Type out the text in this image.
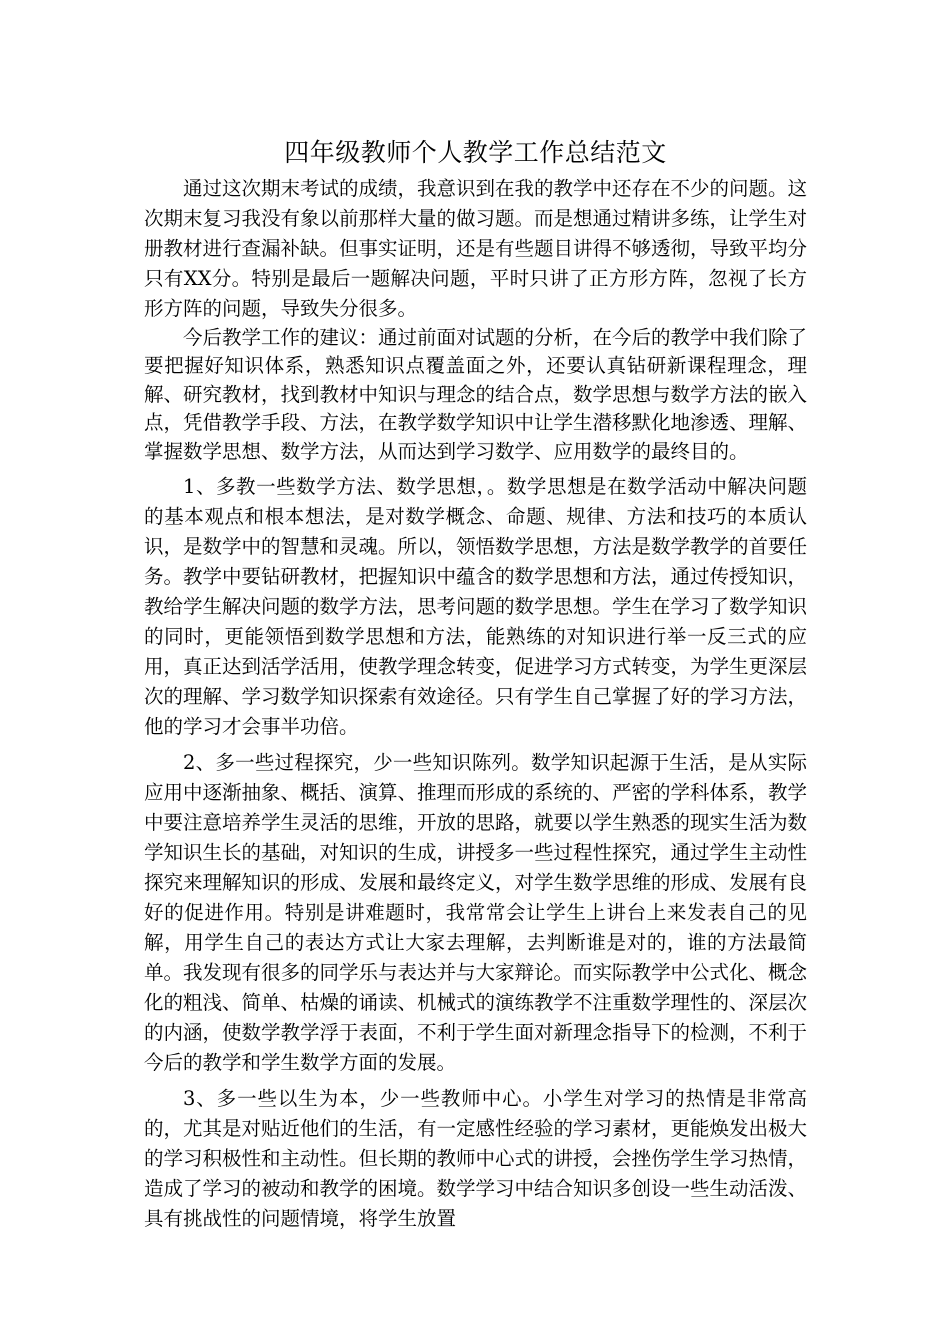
四年级教师个人教学工作总结范文

通过这次期末考试的成绩，我意识到在我的教学中还存在不少的问题。这次期末复习我没有象以前那样大量的做习题。而是想通过精讲多练，让学生对册教材进行查漏补缺。但事实证明，还是有些题目讲得不够透彻，导致平均分只有XX分。特别是最后一题解决问题，平时只讲了正方形方阵，忽视了长方形方阵的问题，导致失分很多。

今后教学工作的建议：通过前面对试题的分析，在今后的教学中我们除了要把握好知识体系，熟悉知识点覆盖面之外，还要认真钻研新课程理念，理解、研究教材，找到教材中知识与理念的结合点，数学思想与数学方法的嵌入点，凭借教学手段、方法，在教学数学知识中让学生潜移默化地渗透、理解、掌握数学思想、数学方法，从而达到学习数学、应用数学的最终目的。

1、多教一些数学方法、数学思想，。数学思想是在数学活动中解决问题的基本观点和根本想法，是对数学概念、命题、规律、方法和技巧的本质认识，是数学中的智慧和灵魂。所以，领悟数学思想，方法是数学教学的首要任务。教学中要钻研教材，把握知识中蕴含的数学思想和方法，通过传授知识，教给学生解决问题的数学方法，思考问题的数学思想。学生在学习了数学知识的同时，更能领悟到数学思想和方法，能熟练的对知识进行举一反三式的应用，真正达到活学活用，使教学理念转变，促进学习方式转变，为学生更深层次的理解、学习数学知识探索有效途径。只有学生自己掌握了好的学习方法，他的学习才会事半功倍。

2、多一些过程探究，少一些知识陈列。数学知识起源于生活，是从实际应用中逐渐抽象、概括、演算、推理而形成的系统的、严密的学科体系，教学中要注意培养学生灵活的思维，开放的思路，就要以学生熟悉的现实生活为数学知识生长的基础，对知识的生成，讲授多一些过程性探究，通过学生主动性探究来理解知识的形成、发展和最终定义，对学生数学思维的形成、发展有良好的促进作用。特别是讲难题时，我常常会让学生上讲台上来发表自己的见解，用学生自己的表达方式让大家去理解，去判断谁是对的，谁的方法最简单。我发现有很多的同学乐与表达并与大家辩论。而实际教学中公式化、概念化的粗浅、简单、枯燥的诵读、机械式的演练教学不注重数学理性的、深层次的内涵，使数学教学浮于表面，不利于学生面对新理念指导下的检测，不利于今后的教学和学生数学方面的发展。

3、多一些以生为本，少一些教师中心。小学生对学习的热情是非常高的，尤其是对贴近他们的生活，有一定感性经验的学习素材，更能焕发出极大的学习积极性和主动性。但长期的教师中心式的讲授，会挫伤学生学习热情，造成了学习的被动和教学的困境。数学学习中结合知识多创设一些生动活泼、具有挑战性的问题情境，将学生放置
